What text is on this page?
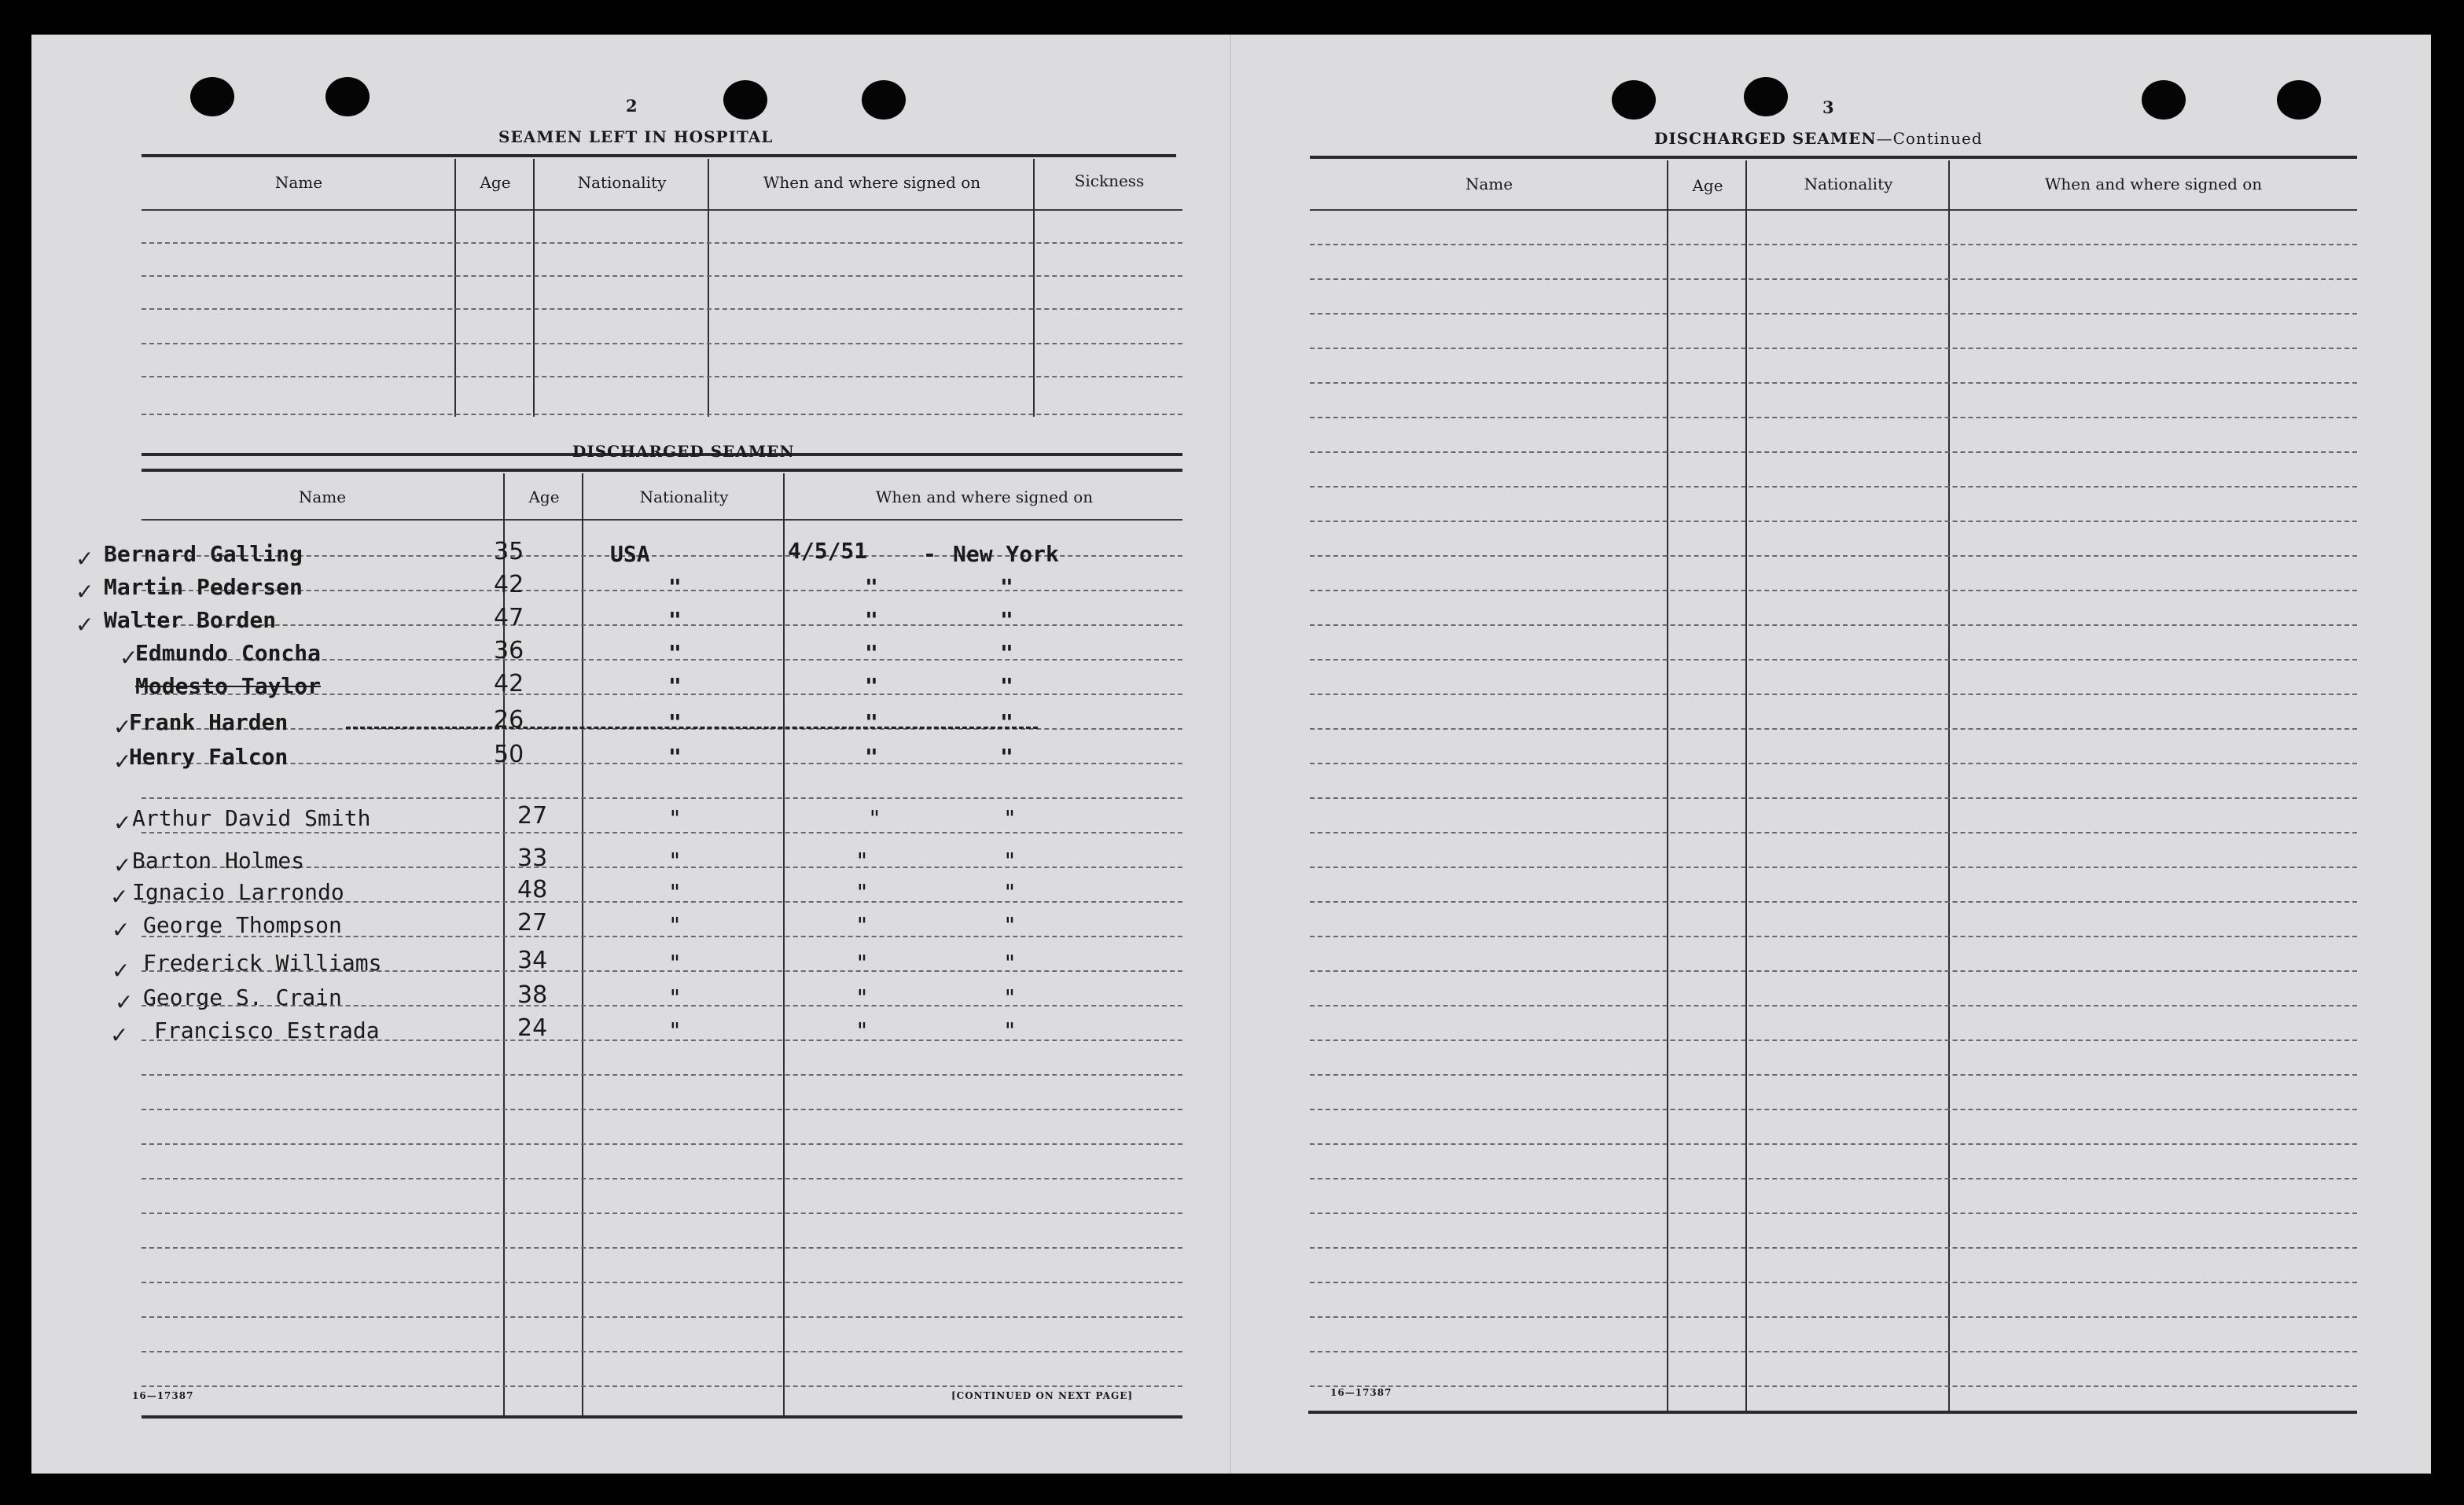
2
SEAMEN LEFT IN HOSPITAL
Name	Age	Nationality	When and where signed on	Sickness
DISCHARGED SEAMEN
Name	Age	Nationality	When and where signed on
✓ Bernard Galling	35	USA	4/5/51	- New York
✓ Martin Pedersen	42	"	"	"
✓ Walter Borden	47	"	"	"
✓
Edmundo Concha	36	"	"	"
Modesto Taylor	42	"	"	"
✓
Frank Harden	26	"	"	"
✓
Henry Falcon	50	"	"	"
✓ Arthur David Smith	27	"	"	"
✓ Barton Holmes	33	"	"	"
✓ Ignacio Larrondo	48	"	"	"
✓ George Thompson	27	"	"	"
✓ Frederick Williams	34	"	"	"
✓ George S. Crain	38	"	"	"
✓ Francisco Estrada	24	"	"	"
16—17387	[CONTINUED ON NEXT PAGE]
3
DISCHARGED SEAMEN—Continued
Name	Age	Nationality	When and where signed on
16—17387
